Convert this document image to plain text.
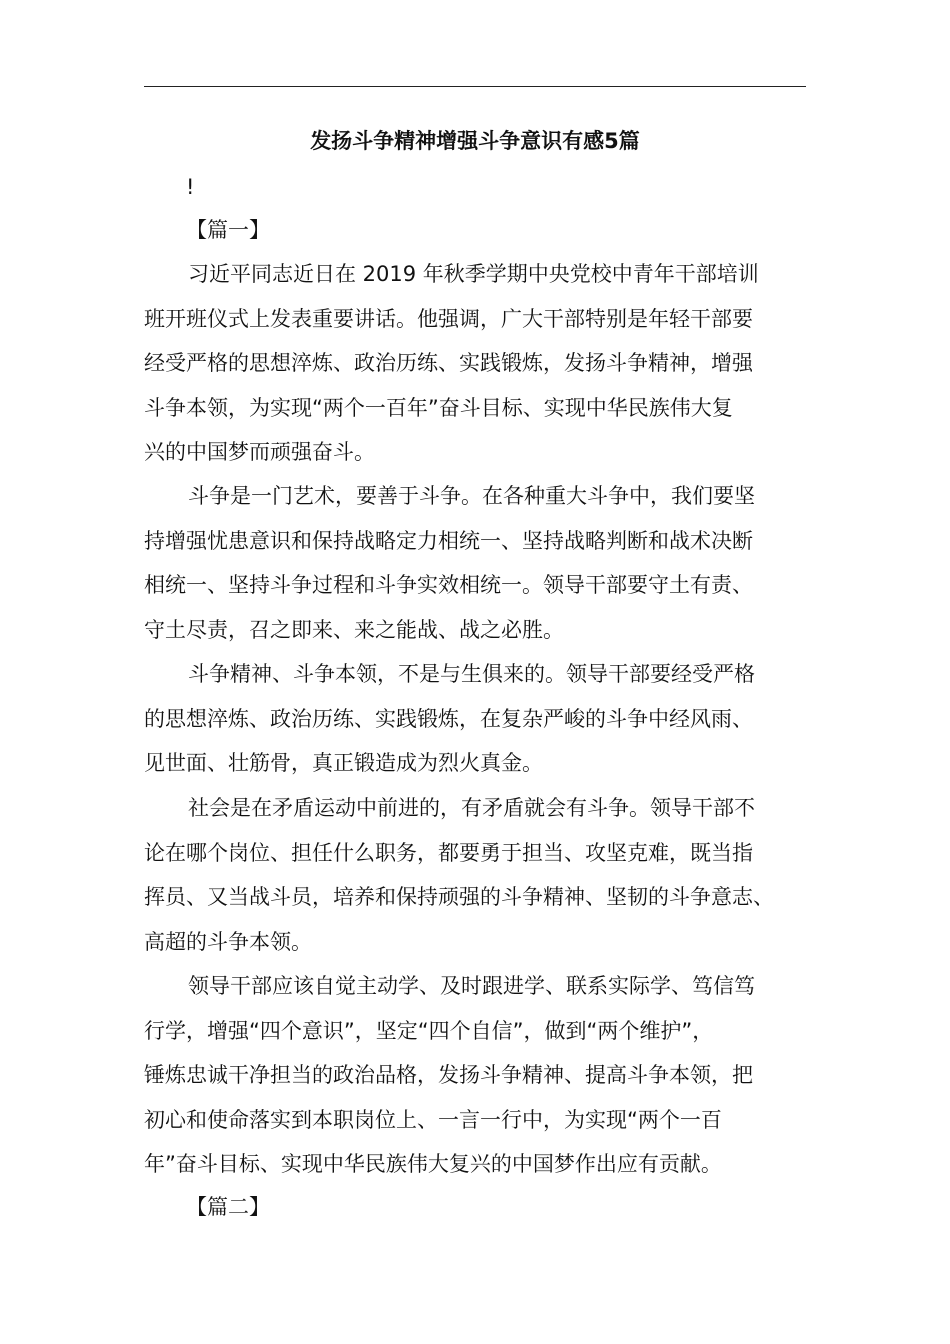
发扬斗争精神增强斗争意识有感5篇
!
【篇一】
习近平同志近日在 2019 年秋季学期中央党校中青年干部培训
班开班仪式上发表重要讲话。他强调，广大干部特别是年轻干部要
经受严格的思想淬炼、政治历练、实践锻炼，发扬斗争精神，增强
斗争本领，为实现“两个一百年”奋斗目标、实现中华民族伟大复
兴的中国梦而顽强奋斗。
斗争是一门艺术，要善于斗争。在各种重大斗争中，我们要坚
持增强忧患意识和保持战略定力相统一、坚持战略判断和战术决断
相统一、坚持斗争过程和斗争实效相统一。领导干部要守土有责、
守土尽责，召之即来、来之能战、战之必胜。
斗争精神、斗争本领，不是与生俱来的。领导干部要经受严格
的思想淬炼、政治历练、实践锻炼，在复杂严峻的斗争中经风雨、
见世面、壮筋骨，真正锻造成为烈火真金。
社会是在矛盾运动中前进的，有矛盾就会有斗争。领导干部不
论在哪个岗位、担任什么职务，都要勇于担当、攻坚克难，既当指
挥员、又当战斗员，培养和保持顽强的斗争精神、坚韧的斗争意志、
高超的斗争本领。
领导干部应该自觉主动学、及时跟进学、联系实际学、笃信笃
行学，增强“四个意识”，坚定“四个自信”，做到“两个维护”，
锤炼忠诚干净担当的政治品格，发扬斗争精神、提高斗争本领，把
初心和使命落实到本职岗位上、一言一行中，为实现“两个一百
年”奋斗目标、实现中华民族伟大复兴的中国梦作出应有贡献。
【篇二】
